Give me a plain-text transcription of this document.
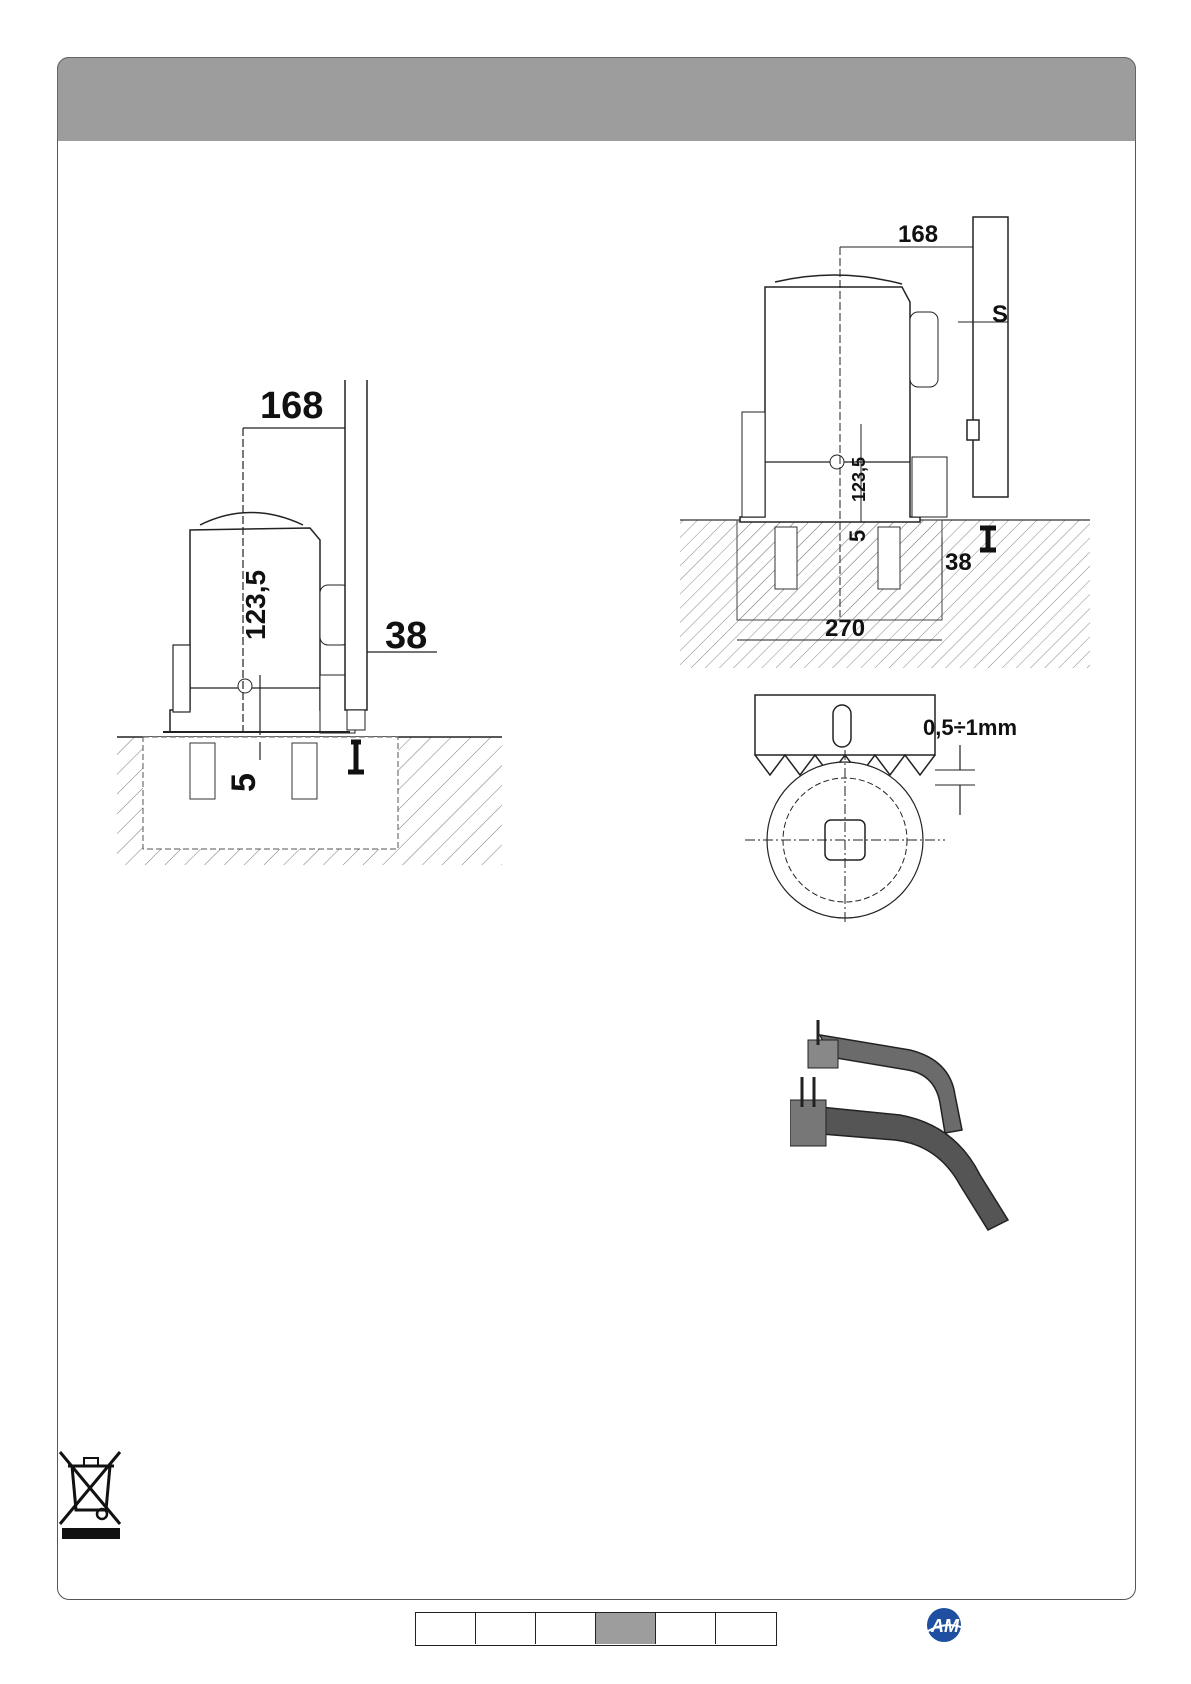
168
123,5	38
5
168
S
123,5
5
38
270
0,5÷1mm
AM
